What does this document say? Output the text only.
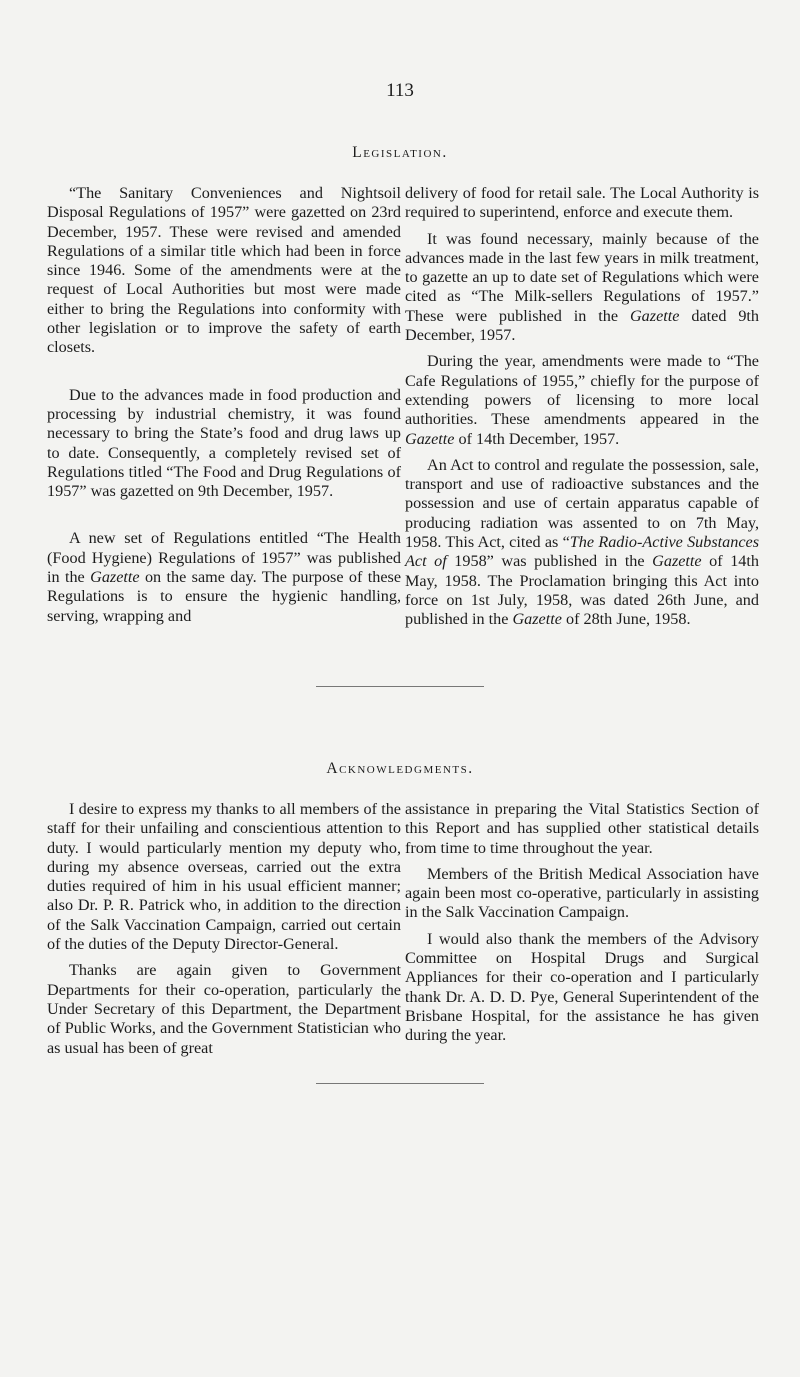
113
Legislation.

“The Sanitary Conveniences and Nightsoil Disposal Regulations of 1957” were gazetted on 23rd December, 1957. These were revised and amended Regulations of a similar title which had been in force since 1946. Some of the amendments were at the request of Local Authorities but most were made either to bring the Regulations into conformity with other legislation or to improve the safety of earth closets.

Due to the advances made in food production and processing by industrial chemistry, it was found necessary to bring the State’s food and drug laws up to date. Consequently, a completely revised set of Regulations titled “The Food and Drug Regulations of 1957” was gazetted on 9th December, 1957.

A new set of Regulations entitled “The Health (Food Hygiene) Regulations of 1957” was published in the Gazette on the same day. The purpose of these Regulations is to ensure the hygienic handling, serving, wrapping and

delivery of food for retail sale. The Local Authority is required to superintend, enforce and execute them.

It was found necessary, mainly because of the advances made in the last few years in milk treatment, to gazette an up to date set of Regulations which were cited as “The Milk-sellers Regulations of 1957.” These were published in the Gazette dated 9th December, 1957.

During the year, amendments were made to “The Cafe Regulations of 1955,” chiefly for the purpose of extending powers of licensing to more local authorities. These amendments appeared in the Gazette of 14th December, 1957.

An Act to control and regulate the possession, sale, transport and use of radioactive substances and the possession and use of certain apparatus capable of producing radiation was assented to on 7th May, 1958. This Act, cited as “The Radio-Active Substances Act of 1958” was published in the Gazette of 14th May, 1958. The Proclamation bringing this Act into force on 1st July, 1958, was dated 26th June, and published in the Gazette of 28th June, 1958.

Acknowledgments.

I desire to express my thanks to all members of the staff for their unfailing and conscientious attention to duty. I would particularly mention my deputy who, during my absence overseas, carried out the extra duties required of him in his usual efficient manner; also Dr. P. R. Patrick who, in addition to the direction of the Salk Vaccination Campaign, carried out certain of the duties of the Deputy Director-General.

Thanks are again given to Government Departments for their co-operation, particularly the Under Secretary of this Department, the Department of Public Works, and the Government Statistician who as usual has been of great

assistance in preparing the Vital Statistics Section of this Report and has supplied other statistical details from time to time throughout the year.

Members of the British Medical Association have again been most co-operative, particularly in assisting in the Salk Vaccination Campaign.

I would also thank the members of the Advisory Committee on Hospital Drugs and Surgical Appliances for their co-operation and I particularly thank Dr. A. D. D. Pye, General Superintendent of the Brisbane Hospital, for the assistance he has given during the year.
